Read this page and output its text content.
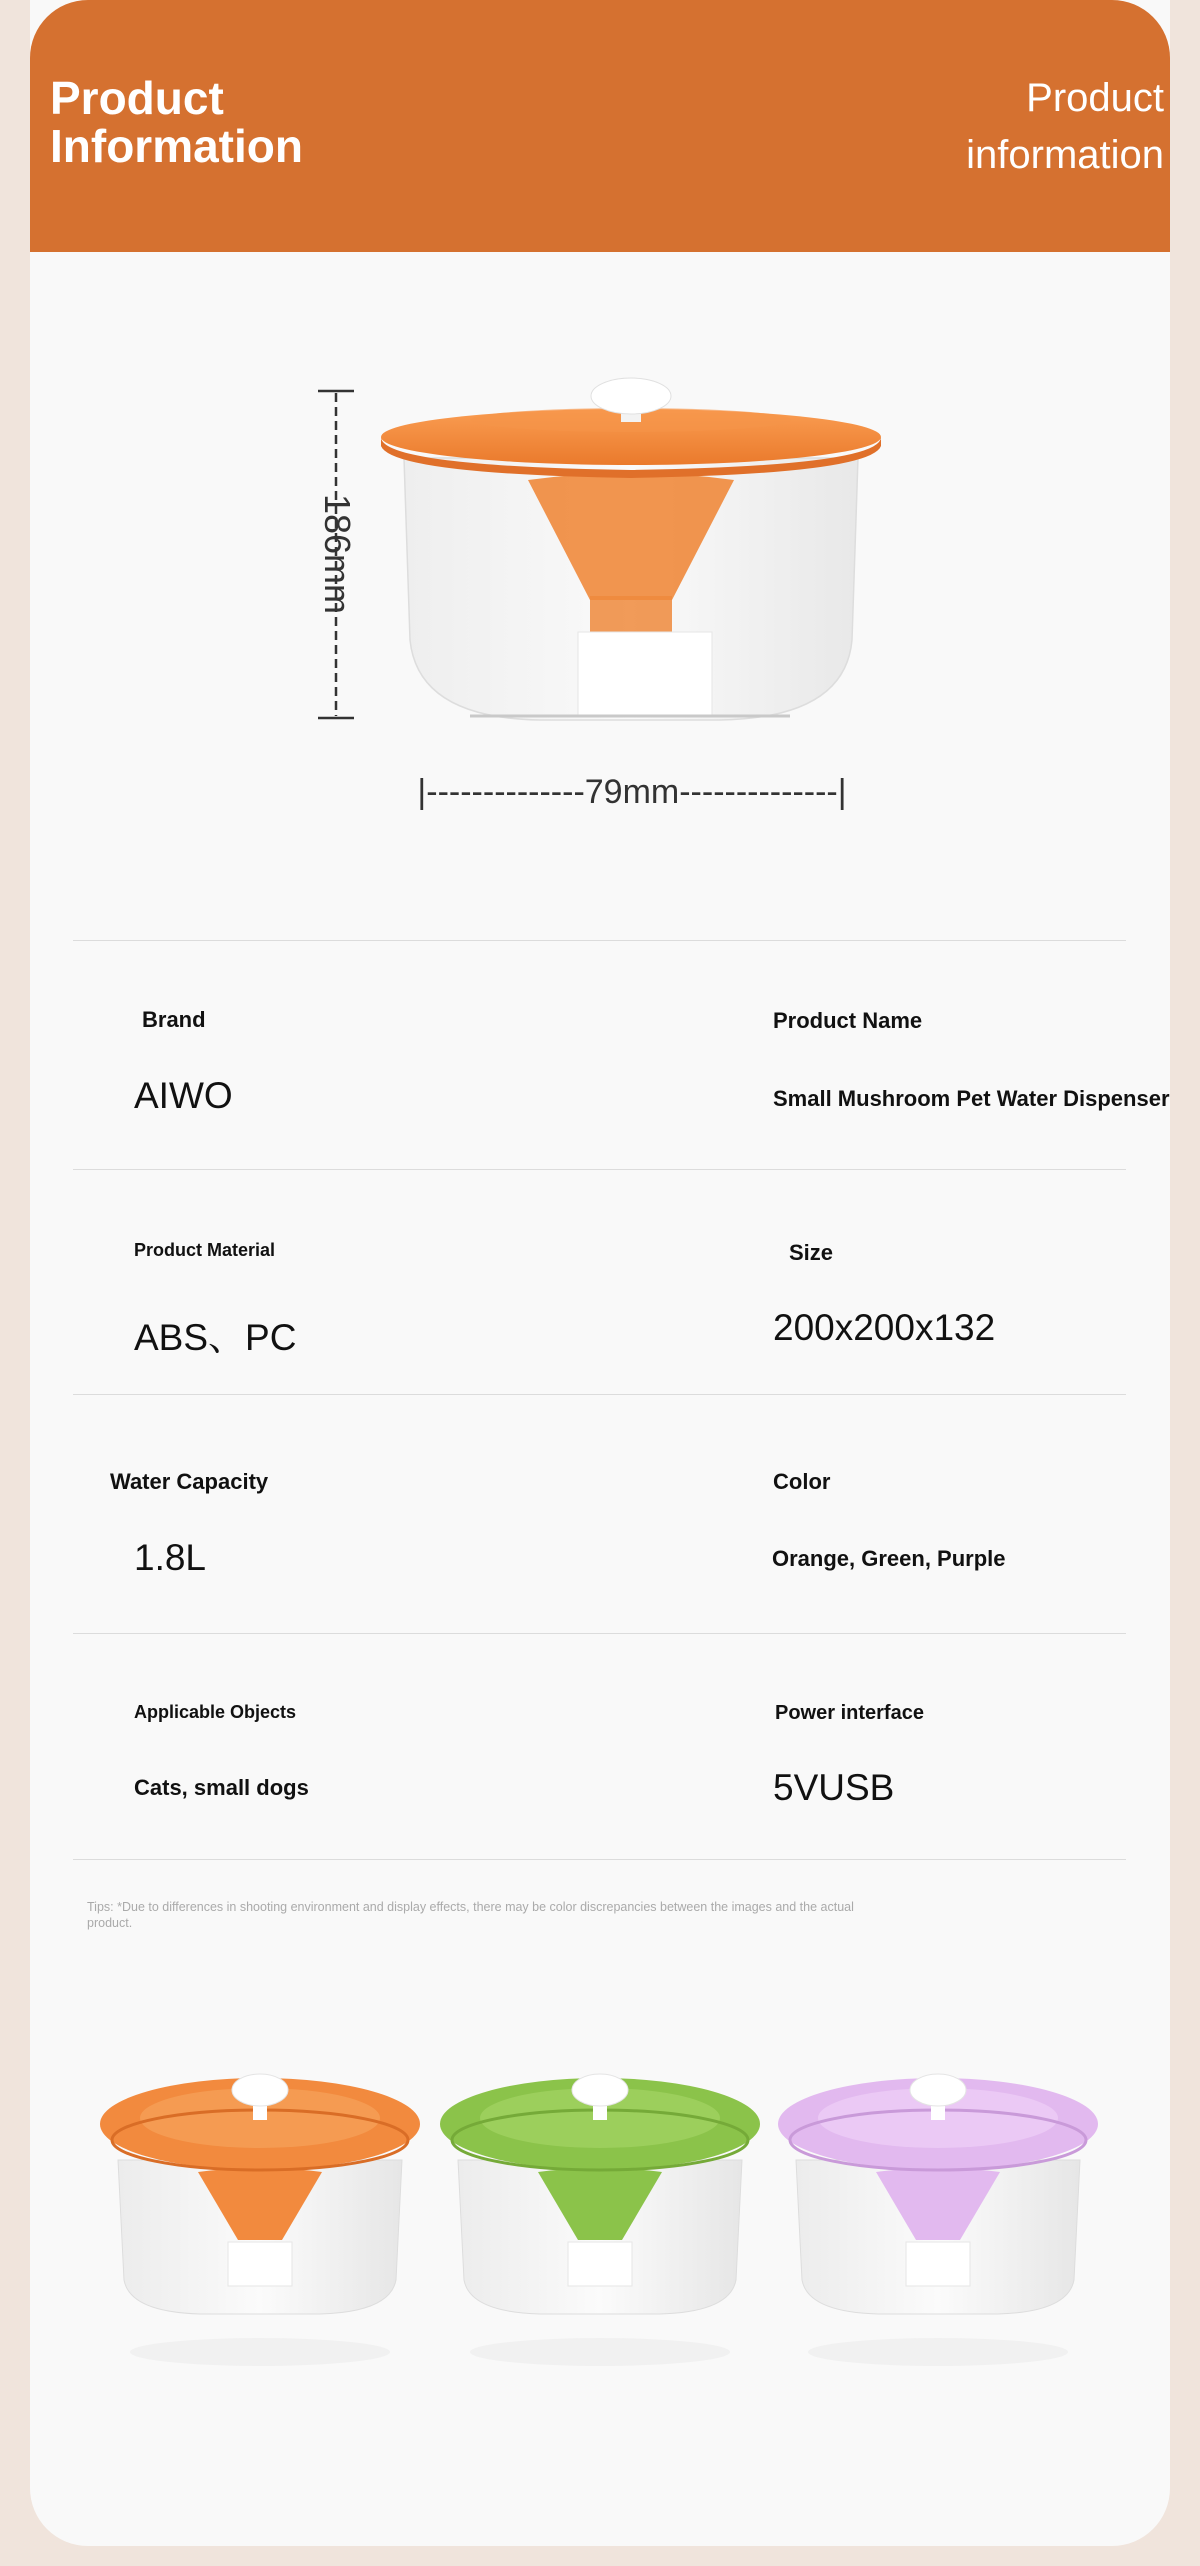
Product Information
Product
information
186mm
|--------------79mm--------------|
Brand
AIWO
Product Name
Small Mushroom Pet Water Dispenser
Product Material
ABS、PC
Size
200x200x132
Water Capacity
1.8L
Color
Orange, Green, Purple
Applicable Objects
Cats, small dogs
Power interface
5VUSB
Tips: *Due to differences in shooting environment and display effects, there may be color discrepancies between the images and the actual product.
